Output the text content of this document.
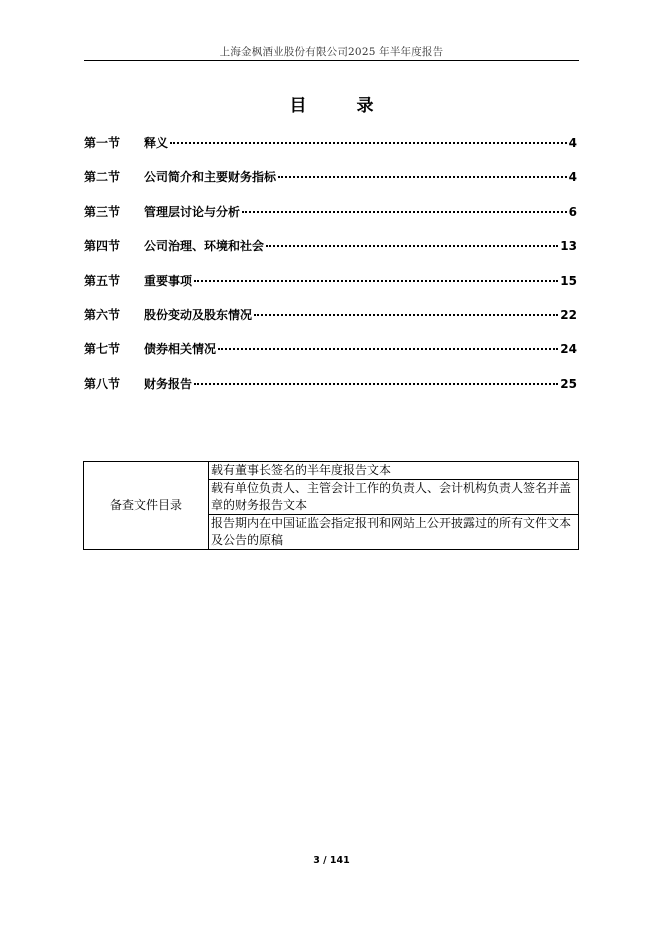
上海金枫酒业股份有限公司2025 年半年度报告
目 录
第一节	释义	4
第二节	公司简介和主要财务指标	4
第三节	管理层讨论与分析	6
第四节	公司治理、环境和社会	13
第五节	重要事项	15
第六节	股份变动及股东情况	22
第七节	债券相关情况	24
第八节	财务报告	25
备查文件目录	载有董事长签名的半年度报告文本
载有单位负责人、主管会计工作的负责人、会计机构负责人签名并盖章的财务报告文本
报告期内在中国证监会指定报刊和网站上公开披露过的所有文件文本及公告的原稿
3 / 141
